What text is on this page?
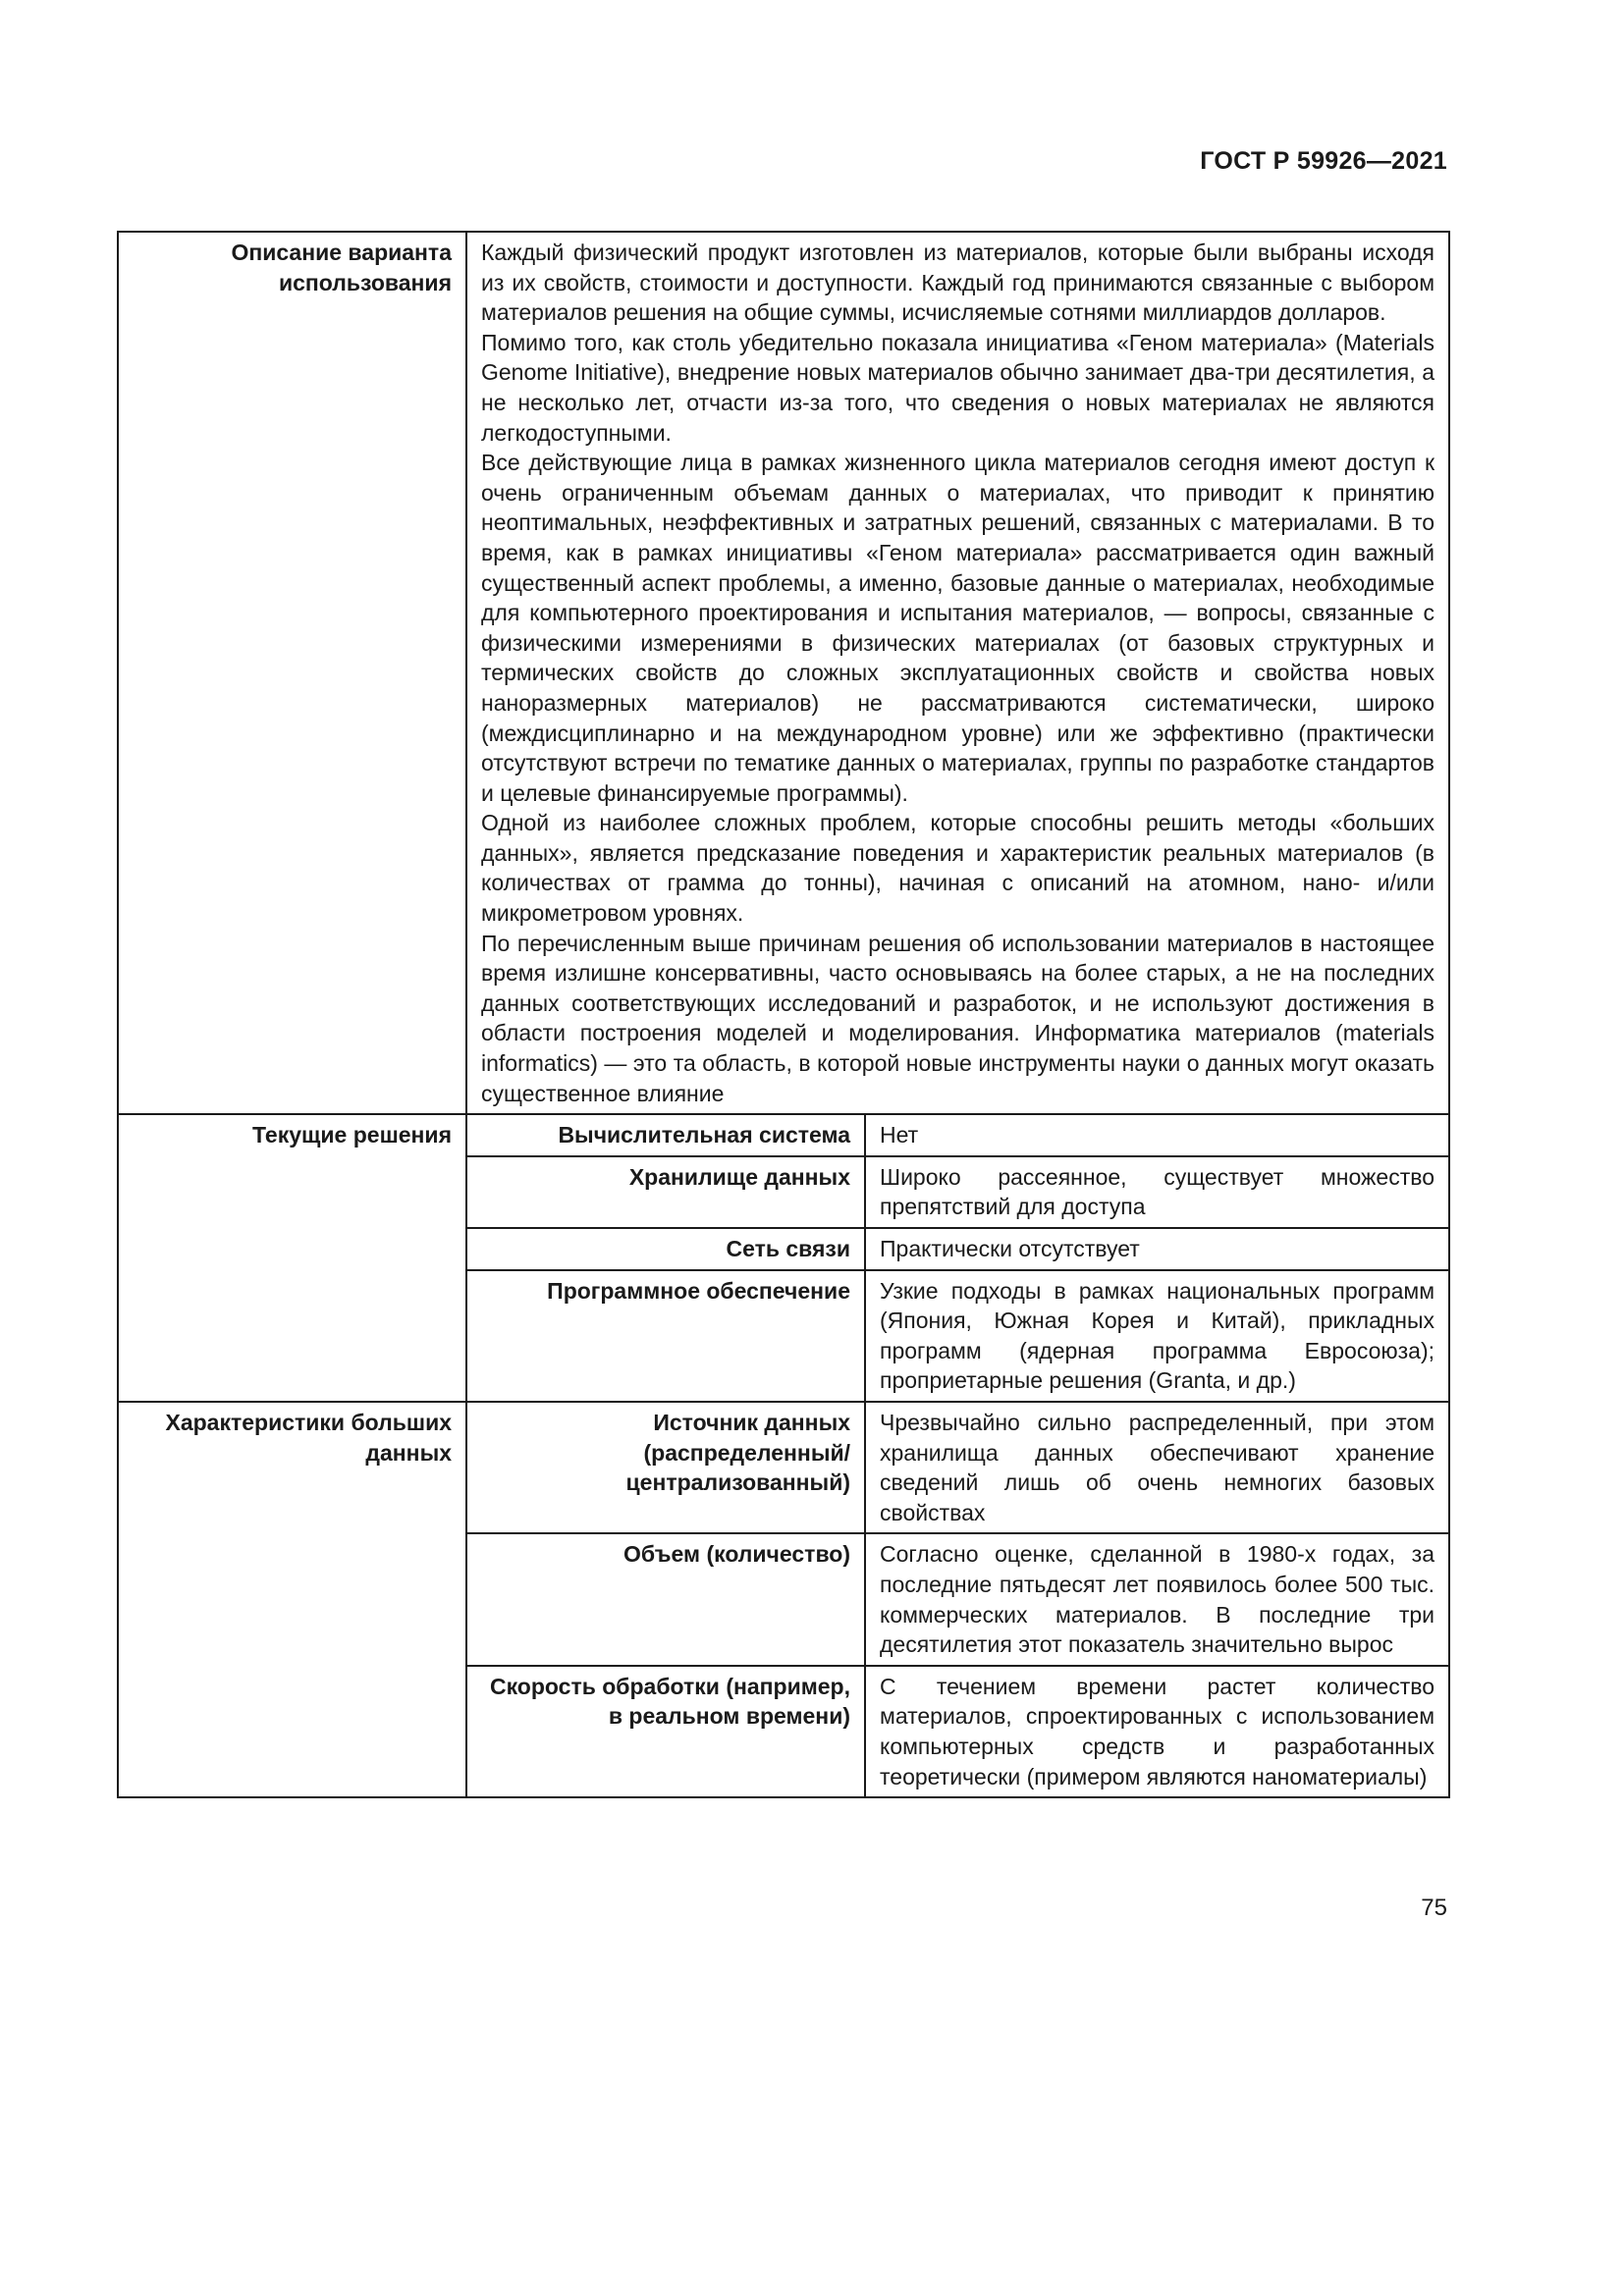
ГОСТ Р 59926—2021
Описание варианта использования	Каждый физический продукт изготовлен из материалов, которые были выбраны исходя из их свойств, стоимости и доступности. Каждый год принимаются связанные с выбором материалов решения на общие суммы, исчисляемые сотнями миллиардов долларов.

Помимо того, как столь убедительно показала инициатива «Геном материала» (Materials Genome Initiative), внедрение новых материалов обычно занимает два-три десятилетия, а не несколько лет, отчасти из-за того, что сведения о новых материалах не являются легкодоступными.

Все действующие лица в рамках жизненного цикла материалов сегодня имеют доступ к очень ограниченным объемам данных о материалах, что приводит к принятию неоптимальных, неэффективных и затратных решений, связанных с материалами. В то время, как в рамках инициативы «Геном материала» рассматривается один важный существенный аспект проблемы, а именно, базовые данные о материалах, необходимые для компьютерного проектирования и испытания материалов, — вопросы, связанные с физическими измерениями в физических материалах (от базовых структурных и термических свойств до сложных эксплуатационных свойств и свойства новых наноразмерных материалов) не рассматриваются систематически, широко (междисциплинарно и на международном уровне) или же эффективно (практически отсутствуют встречи по тематике данных о материалах, группы по разработке стандартов и целевые финансируемые программы).

Одной из наиболее сложных проблем, которые способны решить методы «больших данных», является предсказание поведения и характеристик реальных материалов (в количествах от грамма до тонны), начиная с описаний на атомном, нано- и/или микрометровом уровнях.

По перечисленным выше причинам решения об использовании материалов в настоящее время излишне консервативны, часто основываясь на более старых, а не на последних данных соответствующих исследований и разработок, и не используют достижения в области построения моделей и моделирования. Информатика материалов (materials informatics) — это та область, в которой новые инструменты науки о данных могут оказать существенное влияние	

Текущие решения	Вычислительная система	Нет
	Хранилище данных	Широко рассеянное, существует множество препятствий для доступа
	Сеть связи	Практически отсутствует
	Программное обеспечение	Узкие подходы в рамках национальных программ (Япония, Южная Корея и Китай), прикладных программ (ядерная программа Евросоюза); проприетарные решения (Granta, и др.)
Характеристики больших данных	Источник данных (распределенный/ централизованный)	Чрезвычайно сильно распределенный, при этом хранилища данных обеспечивают хранение сведений лишь об очень немногих базовых свойствах
	Объем (количество)	Согласно оценке, сделанной в 1980-х годах, за последние пятьдесят лет появилось более 500 тыс. коммерческих материалов. В последние три десятилетия этот показатель значительно вырос
	Скорость обработки (например, в реальном времени)	С течением времени растет количество материалов, спроектированных с использованием компьютерных средств и разработанных теоретически (примером являются наноматериалы)
75
